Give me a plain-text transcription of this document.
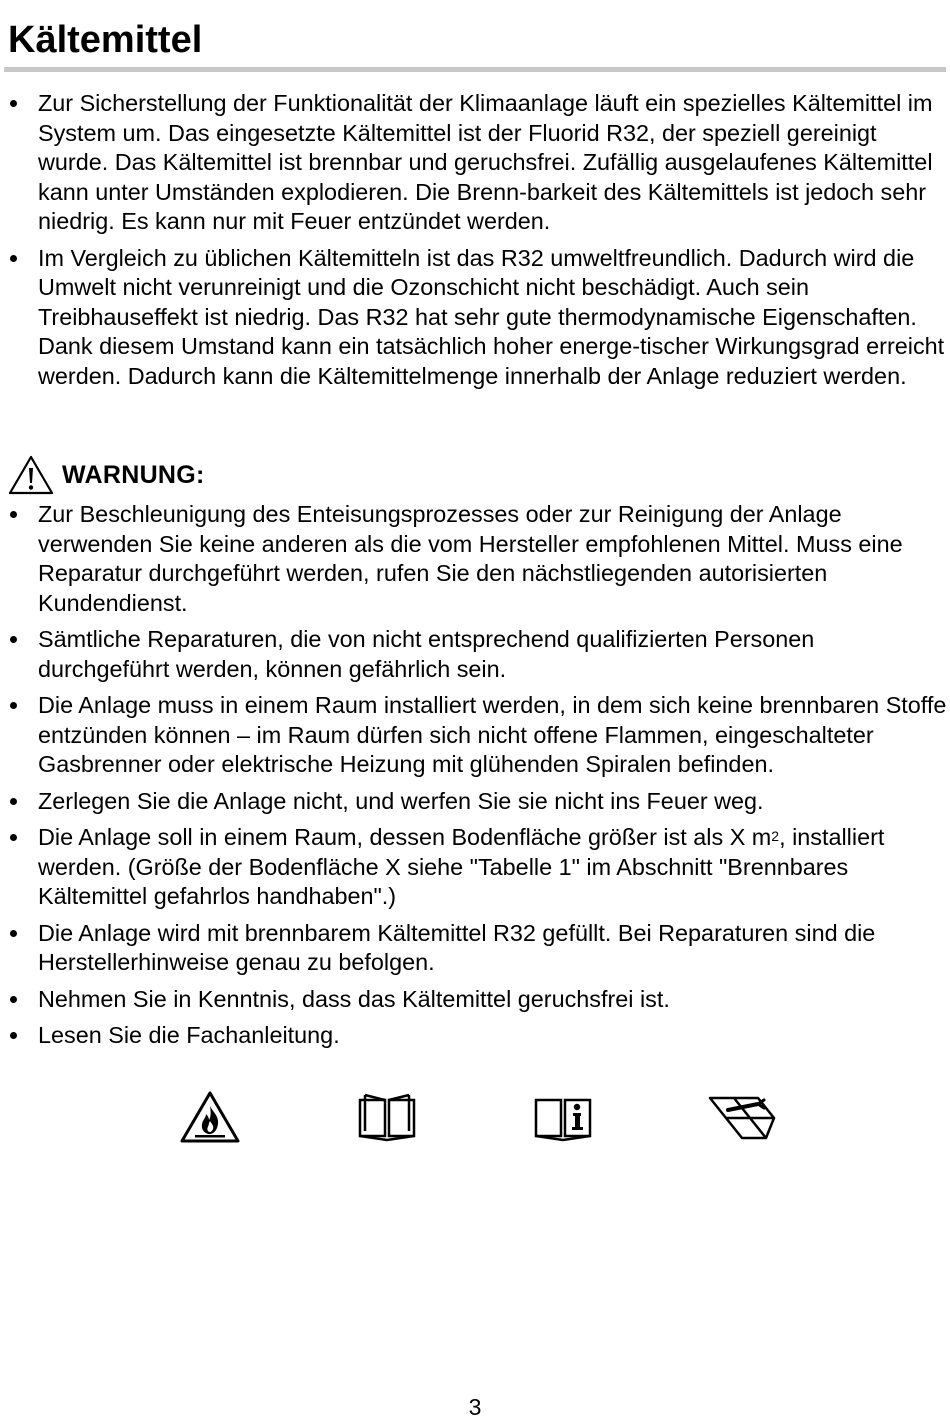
Kältemittel
Zur Sicherstellung der Funktionalität der Klimaanlage läuft ein spezielles Kältemittel im System um. Das eingesetzte Kältemittel ist der Fluorid R32, der speziell gereinigt wurde. Das Kältemittel ist brennbar und geruchsfrei. Zufällig ausgelaufenes Kältemittel kann unter Umständen explodieren. Die Brenn-barkeit des Kältemittels ist jedoch sehr niedrig. Es kann nur mit Feuer entzündet werden.
Im Vergleich zu üblichen Kältemitteln ist das R32 umweltfreundlich. Dadurch wird die Umwelt nicht verunreinigt und die Ozonschicht nicht beschädigt. Auch sein Treibhauseffekt ist niedrig. Das R32 hat sehr gute thermodynamische Eigenschaften. Dank diesem Umstand kann ein tatsächlich hoher energe-tischer Wirkungsgrad erreicht werden. Dadurch kann die Kältemittelmenge innerhalb der Anlage reduziert werden.
WARNUNG:
Zur Beschleunigung des Enteisungsprozesses oder zur Reinigung der Anlage verwenden Sie keine anderen als die vom Hersteller empfohlenen Mittel. Muss eine Reparatur durchgeführt werden, rufen Sie den nächstliegenden autorisierten Kundendienst.
Sämtliche Reparaturen, die von nicht entsprechend qualifizierten Personen durchgeführt werden, können gefährlich sein.
Die Anlage muss in einem Raum installiert werden, in dem sich keine brennbaren Stoffe entzünden können – im Raum dürfen sich nicht offene Flammen, eingeschalteter Gasbrenner oder elektrische Heizung mit glühenden Spiralen befinden.
Zerlegen Sie die Anlage nicht, und werfen Sie sie nicht ins Feuer weg.
Die Anlage soll in einem Raum, dessen Bodenfläche größer ist als X $m^2$, installiert werden. (Größe der Bodenfläche X siehe "Tabelle 1" im Abschnitt "Brennbares Kältemittel gefahrlos handhaben".)
Die Anlage wird mit brennbarem Kältemittel R32 gefüllt. Bei Reparaturen sind die Herstellerhinweise genau zu befolgen.
Nehmen Sie in Kenntnis, dass das Kältemittel geruchsfrei ist.
Lesen Sie die Fachanleitung.
3
